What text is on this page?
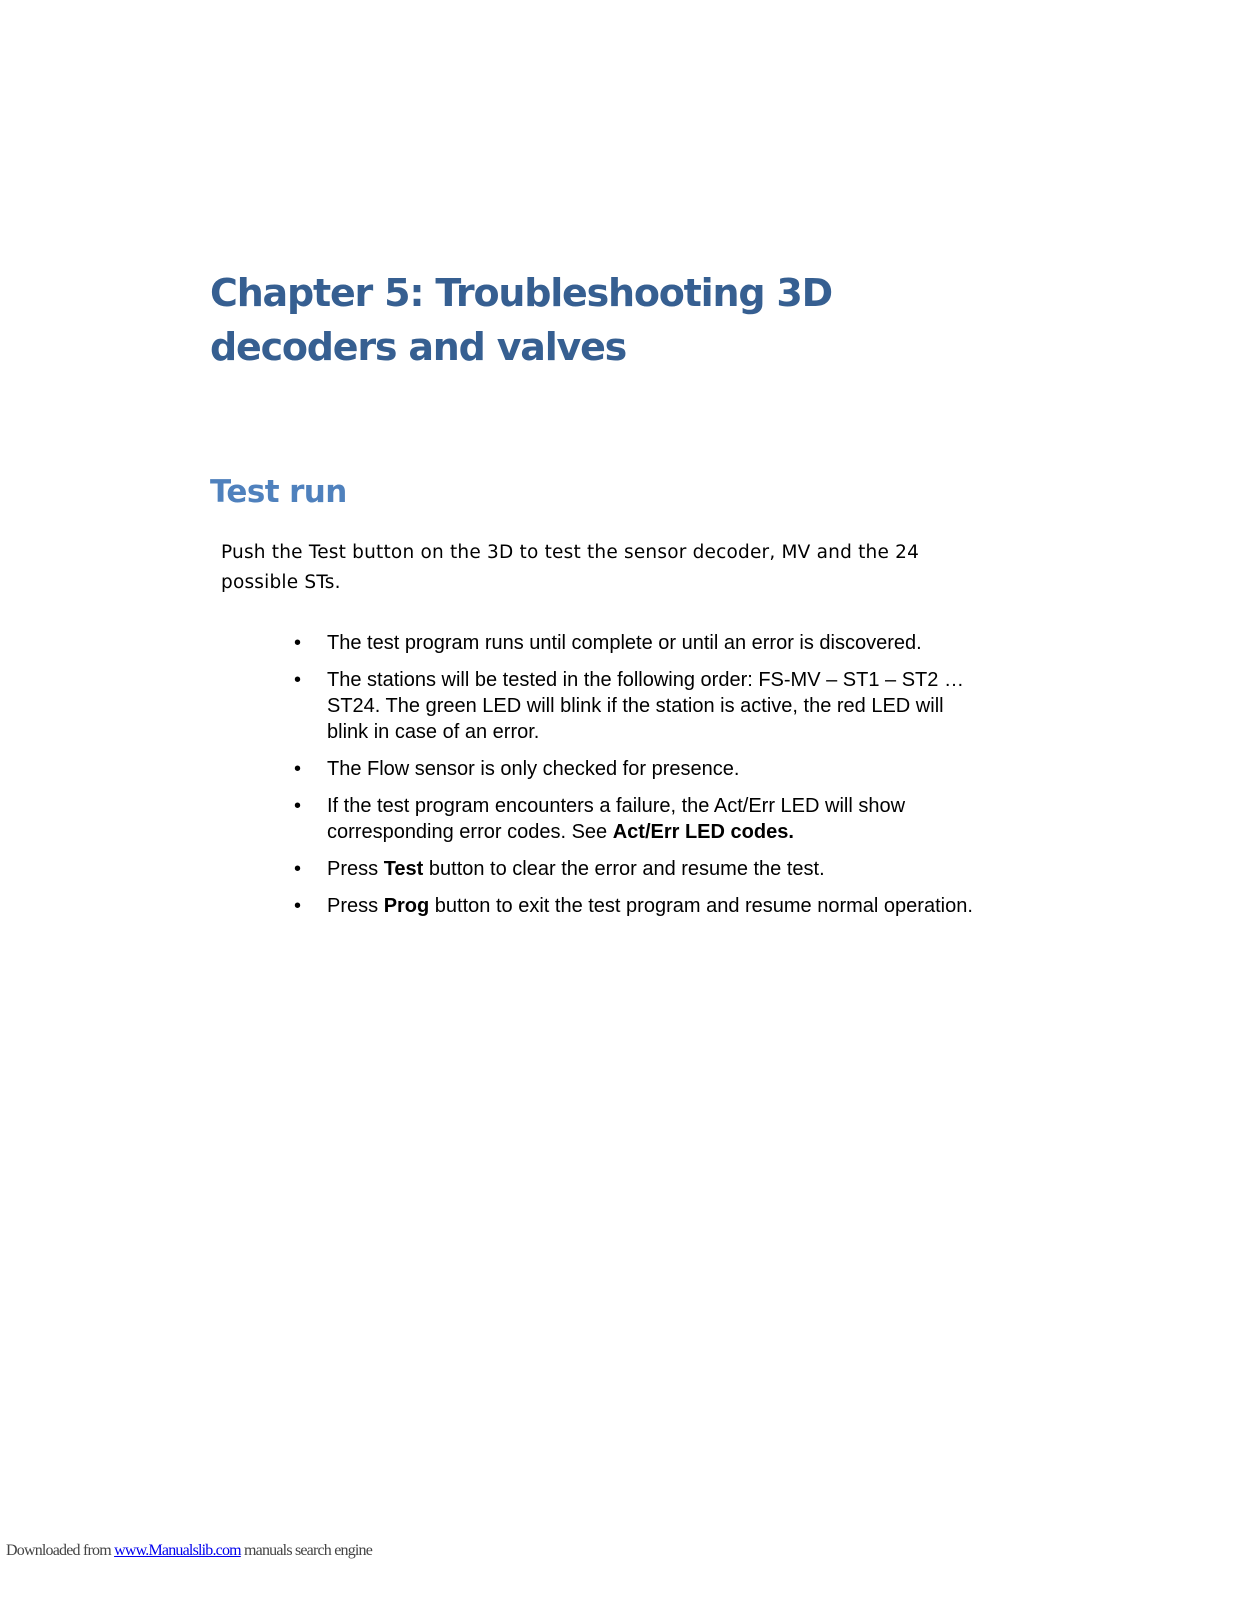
Chapter 5: Troubleshooting 3D decoders and valves
Test run

Push the Test button on the 3D to test the sensor decoder, MV and the 24 possible STs.

•	The test program runs until complete or until an error is discovered.
•	The stations will be tested in the following order: FS-MV – ST1 – ST2 … ST24. The green LED will blink if the station is active, the red LED will blink in case of an error.
•	The Flow sensor is only checked for presence.
•	If the test program encounters a failure, the Act/Err LED will show corresponding error codes. See Act/Err LED codes.
•	Press Test button to clear the error and resume the test.
•	Press Prog button to exit the test program and resume normal operation.
Downloaded from www.Manualslib.com manuals search engine
